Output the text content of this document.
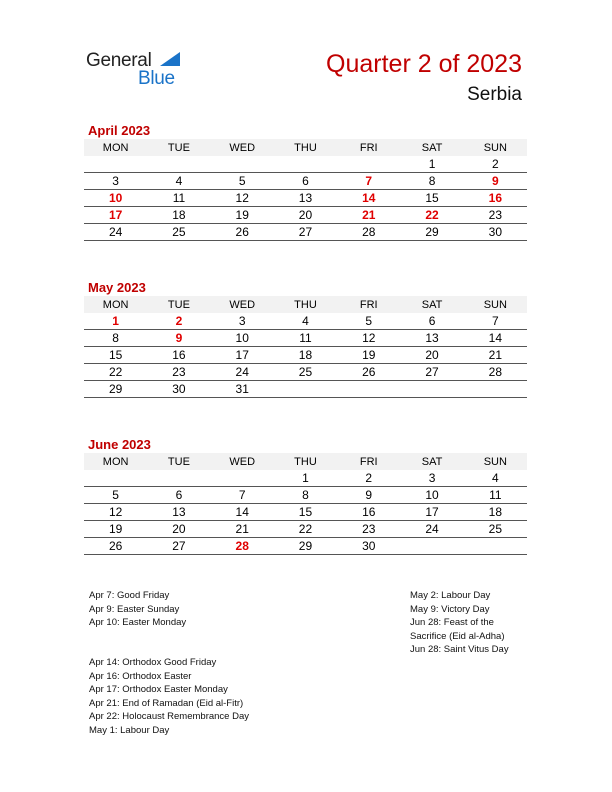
General
Blue
Quarter 2 of 2023
Serbia
April 2023
MON	TUE	WED	THU	FRI	SAT	SUN
					1	2
3	4	5	6	7	8	9
10	11	12	13	14	15	16
17	18	19	20	21	22	23
24	25	26	27	28	29	30
May 2023
MON	TUE	WED	THU	FRI	SAT	SUN
1	2	3	4	5	6	7
8	9	10	11	12	13	14
15	16	17	18	19	20	21
22	23	24	25	26	27	28
29	30	31				
June 2023
MON	TUE	WED	THU	FRI	SAT	SUN
			1	2	3	4
5	6	7	8	9	10	11
12	13	14	15	16	17	18
19	20	21	22	23	24	25
26	27	28	29	30		
Apr 7: Good Friday
Apr 9: Easter Sunday
Apr 10: Easter Monday
Apr 14: Orthodox Good Friday
Apr 16: Orthodox Easter
Apr 17: Orthodox Easter Monday
Apr 21: End of Ramadan (Eid al-Fitr)
Apr 22: Holocaust Remembrance Day
May 1: Labour Day
May 2: Labour Day
May 9: Victory Day
Jun 28: Feast of the
Sacrifice (Eid al-Adha)
Jun 28: Saint Vitus Day
